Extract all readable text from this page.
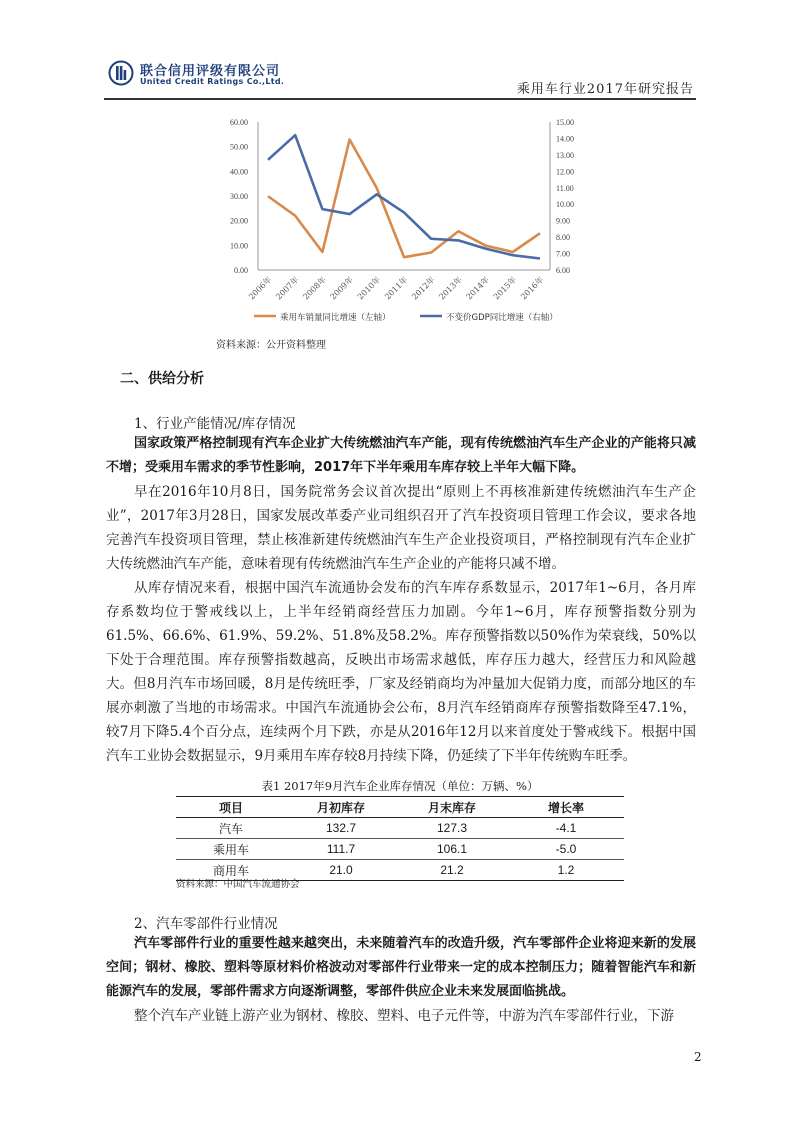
联合信用评级有限公司
United Credit Ratings Co.,Ltd.
乘用车行业2017年研究报告
0.00
10.00
20.00
30.00
40.00
50.00
60.00
6.00
7.00
8.00
9.00
10.00
11.00
12.00
13.00
14.00
15.00
2006年 2007年 2008年 2009年 2010年 2011年 2012年 2013年 2014年 2015年 2016年
乘用车销量同比增速（左轴）	不变价GDP同比增速（右轴）
资料来源：公开资料整理
二、供给分析
1、行业产能情况/库存情况
国家政策严格控制现有汽车企业扩大传统燃油汽车产能，现有传统燃油汽车生产企业的产能将只减不增；受乘用车需求的季节性影响，2017年下半年乘用车库存较上半年大幅下降。
早在2016年10月8日，国务院常务会议首次提出“原则上不再核准新建传统燃油汽车生产企业”，2017年3月28日，国家发展改革委产业司组织召开了汽车投资项目管理工作会议，要求各地完善汽车投资项目管理，禁止核准新建传统燃油汽车生产企业投资项目，严格控制现有汽车企业扩大传统燃油汽车产能，意味着现有传统燃油汽车生产企业的产能将只减不增。
从库存情况来看，根据中国汽车流通协会发布的汽车库存系数显示，2017年1~6月，各月库存系数均位于警戒线以上，上半年经销商经营压力加剧。今年1~6月，库存预警指数分别为61.5%、66.6%、61.9%、59.2%、51.8%及58.2%。库存预警指数以50%作为荣衰线，50%以下处于合理范围。库存预警指数越高，反映出市场需求越低，库存压力越大，经营压力和风险越大。但8月汽车市场回暖，8月是传统旺季，厂家及经销商均为冲量加大促销力度，而部分地区的车展亦刺激了当地的市场需求。中国汽车流通协会公布，8月汽车经销商库存预警指数降至47.1%，较7月下降5.4个百分点，连续两个月下跌，亦是从2016年12月以来首度处于警戒线下。根据中国汽车工业协会数据显示，9月乘用车库存较8月持续下降，仍延续了下半年传统购车旺季。
表1 2017年9月汽车企业库存情况（单位：万辆、%）
项目	月初库存	月末库存	增长率
汽车	132.7	127.3	-4.1
乘用车	111.7	106.1	-5.0
商用车	21.0	21.2	1.2
资料来源：中国汽车流通协会
2、汽车零部件行业情况
汽车零部件行业的重要性越来越突出，未来随着汽车的改造升级，汽车零部件企业将迎来新的发展空间；钢材、橡胶、塑料等原材料价格波动对零部件行业带来一定的成本控制压力；随着智能汽车和新能源汽车的发展，零部件需求方向逐渐调整，零部件供应企业未来发展面临挑战。
整个汽车产业链上游产业为钢材、橡胶、塑料、电子元件等，中游为汽车零部件行业，下游
2
